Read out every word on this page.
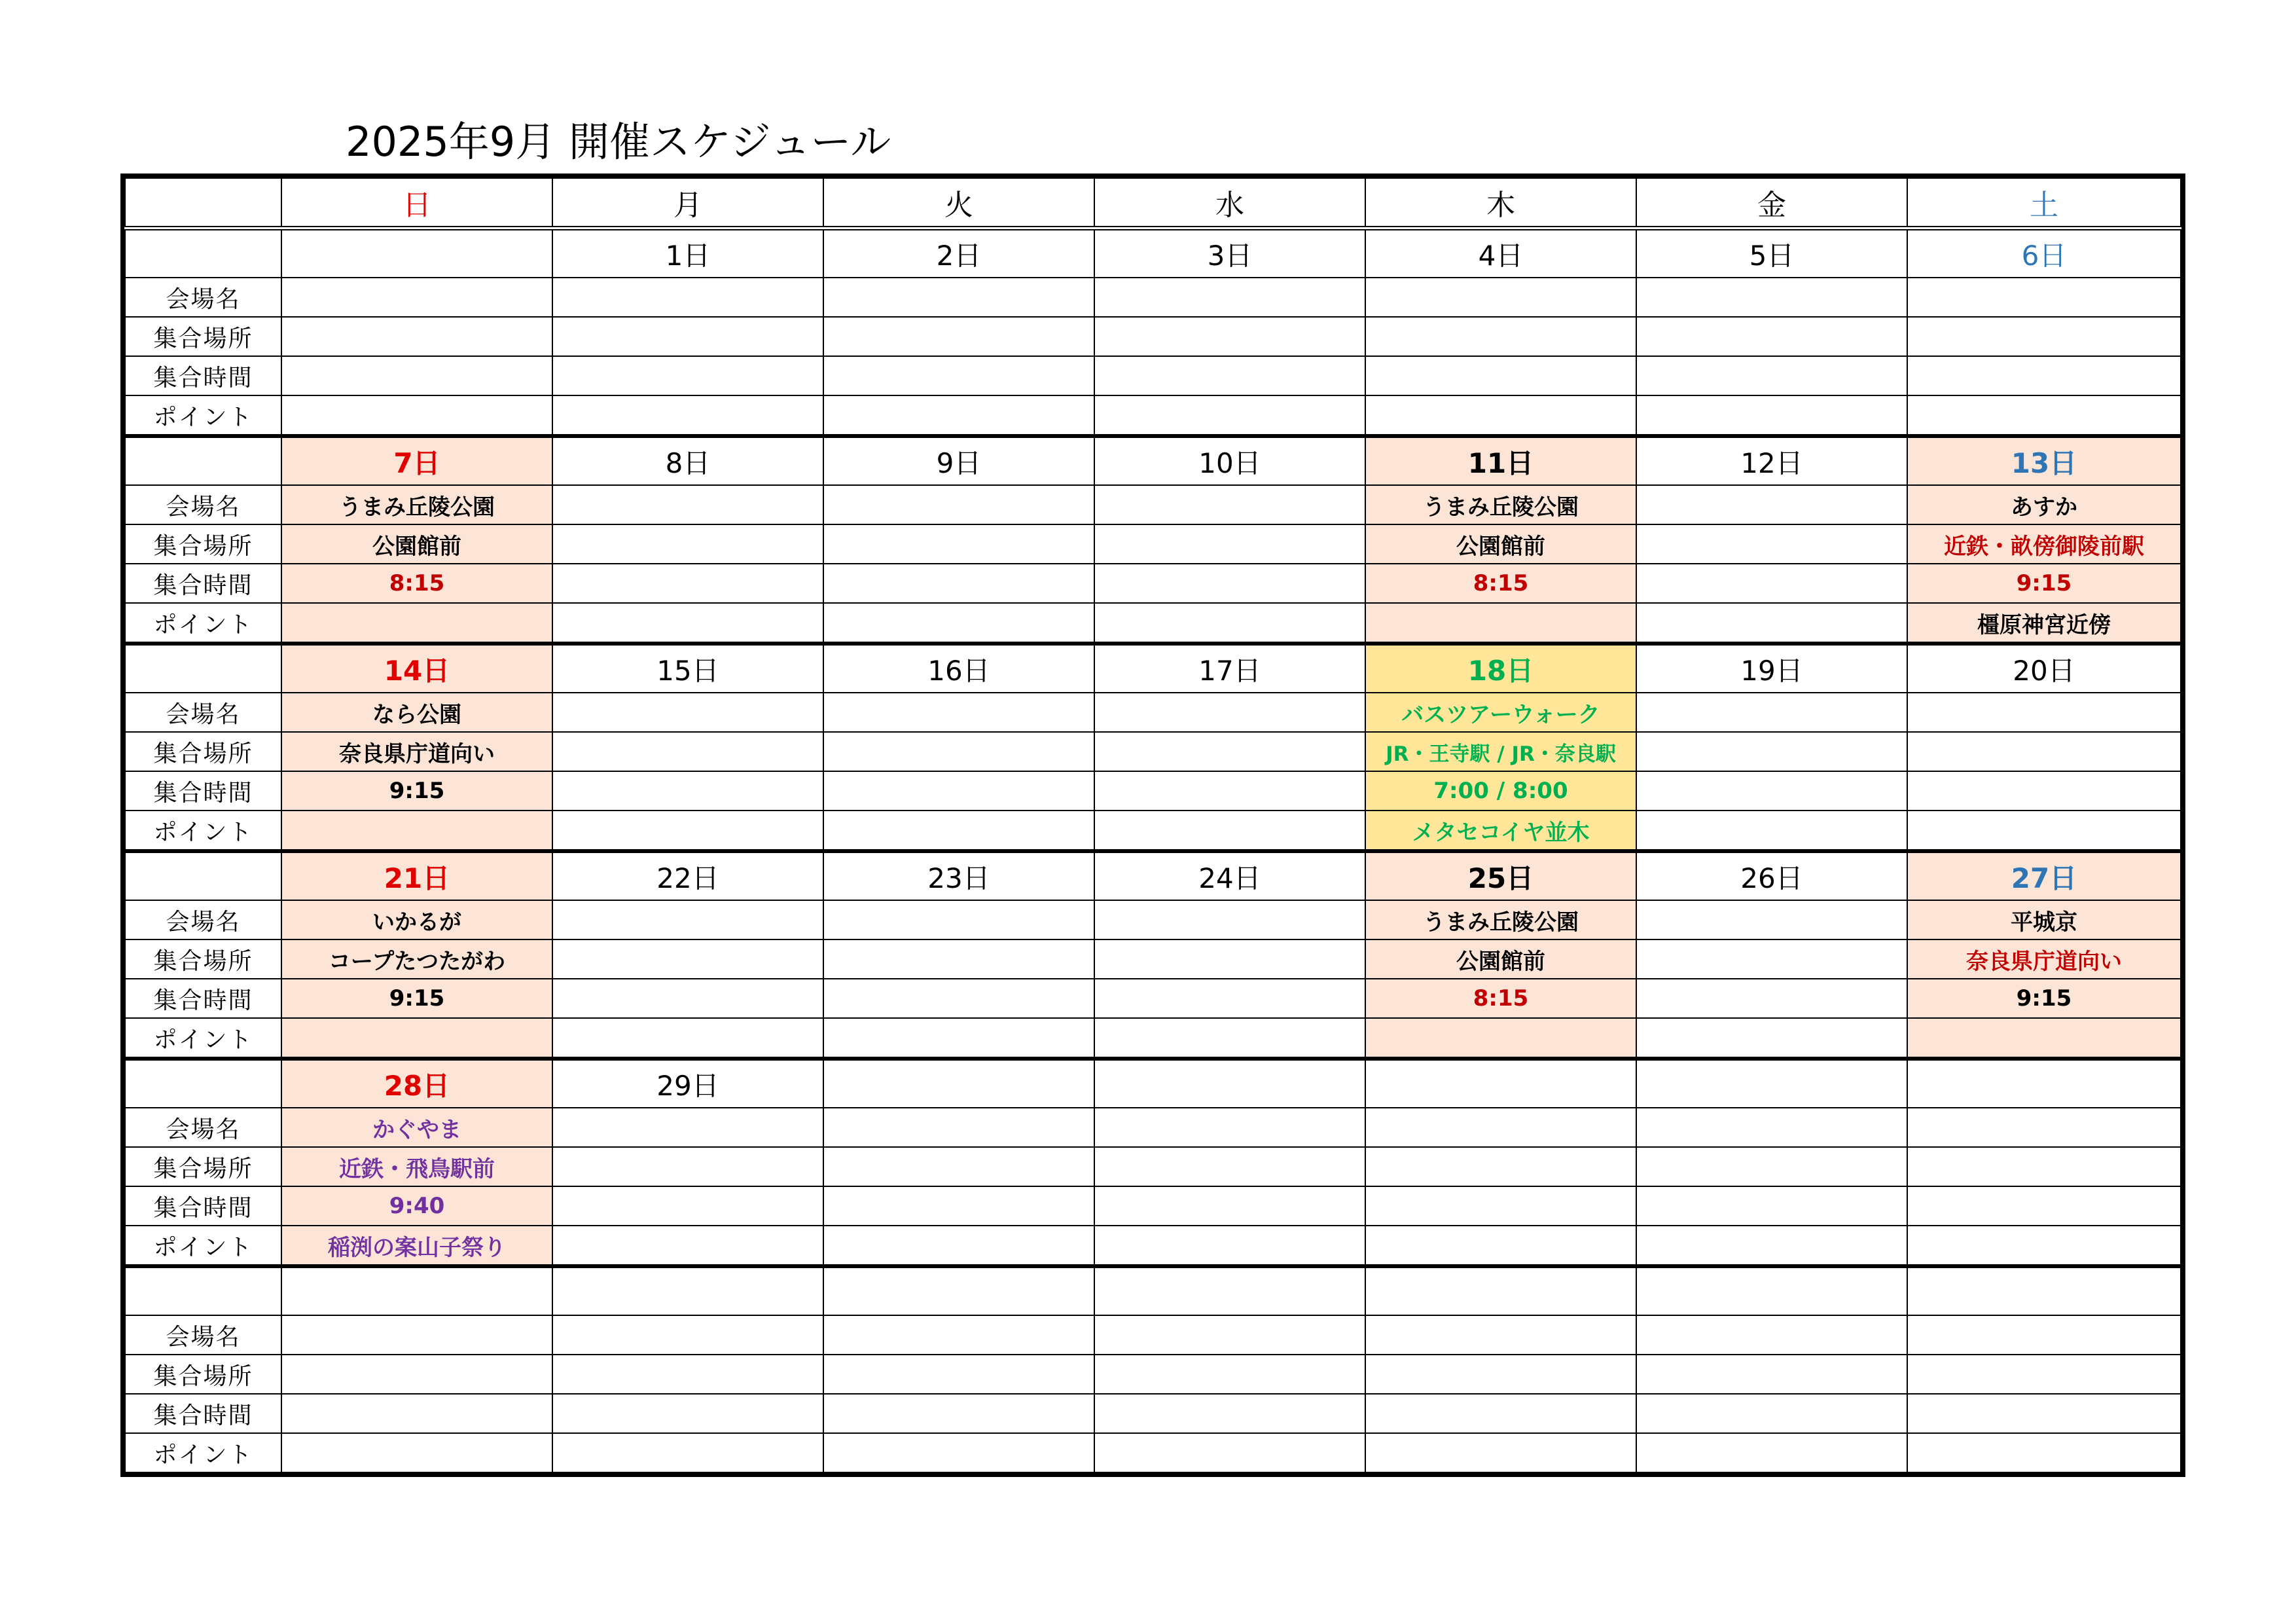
2025年9月 開催スケジュール
	日	月	火	水	木	金	土
		1日	2日	3日	4日	5日	6日
会場名							
集合場所							
集合時間							
ポイント							
	7日	8日	9日	10日	11日	12日	13日
会場名	うまみ丘陵公園				うまみ丘陵公園		あすか
集合場所	公園館前				公園館前		近鉄・畝傍御陵前駅
集合時間	8:15				8:15		9:15
ポイント							橿原神宮近傍
	14日	15日	16日	17日	18日	19日	20日
会場名	なら公園				バスツアーウォーク		
集合場所	奈良県庁道向い				JR・王寺駅 / JR・奈良駅		
集合時間	9:15				7:00 / 8:00		
ポイント					メタセコイヤ並木		
	21日	22日	23日	24日	25日	26日	27日
会場名	いかるが				うまみ丘陵公園		平城京
集合場所	コープたつたがわ				公園館前		奈良県庁道向い
集合時間	9:15				8:15		9:15
ポイント							
	28日	29日					
会場名	かぐやま						
集合場所	近鉄・飛鳥駅前						
集合時間	9:40						
ポイント	稲渕の案山子祭り						

会場名							
集合場所							
集合時間							
ポイント							
